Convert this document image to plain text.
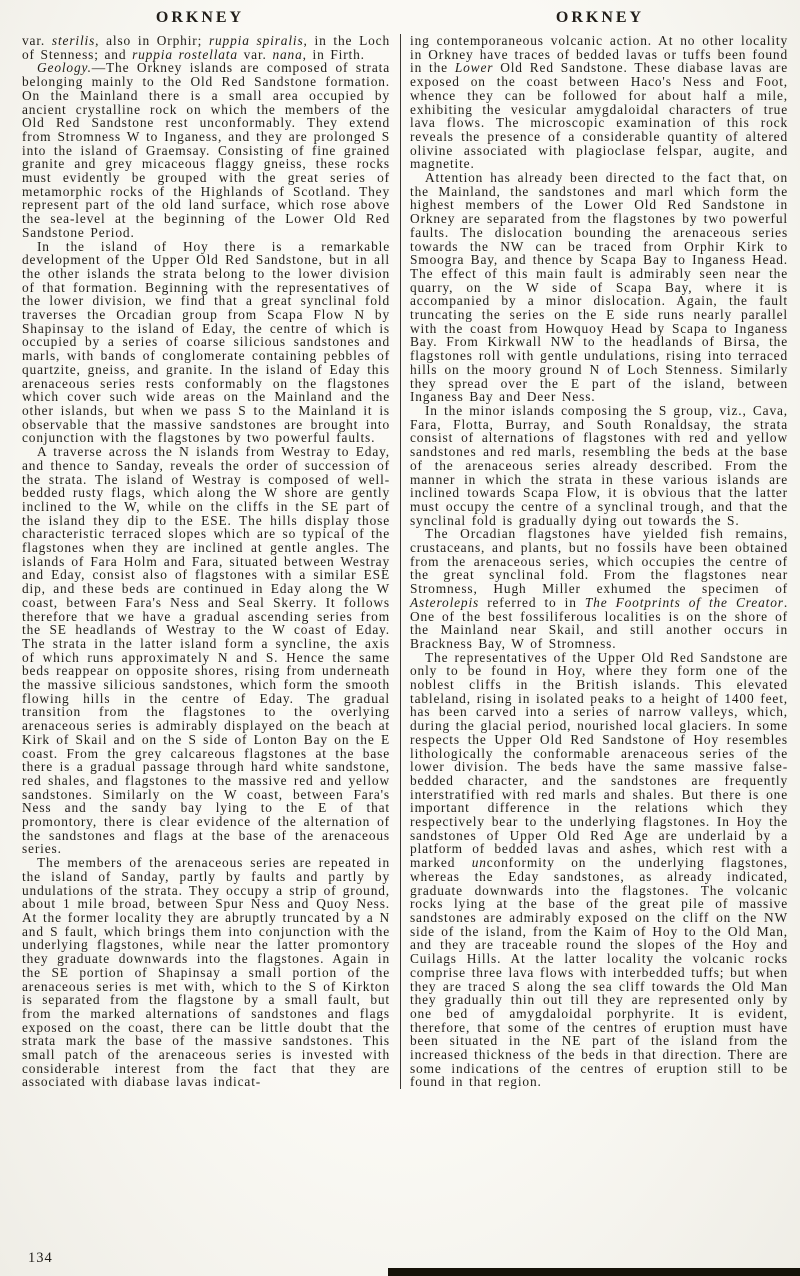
ORKNEY	ORKNEY

var. sterilis, also in Orphir; ruppia spiralis, in the Loch of Stenness; and ruppia rostellata var. nana, in Firth.

Geology.—The Orkney islands are composed of strata belonging mainly to the Old Red Sandstone formation. On the Mainland there is a small area occupied by ancient crystalline rock on which the members of the Old Red Sandstone rest unconformably. They extend from Stromness W to Inganess, and they are prolonged S into the island of Graemsay. Consisting of fine grained granite and grey micaceous flaggy gneiss, these rocks must evidently be grouped with the great series of metamorphic rocks of the Highlands of Scotland. They represent part of the old land surface, which rose above the sea-level at the beginning of the Lower Old Red Sandstone Period.

In the island of Hoy there is a remarkable development of the Upper Old Red Sandstone, but in all the other islands the strata belong to the lower division of that formation. Beginning with the representatives of the lower division, we find that a great synclinal fold traverses the Orcadian group from Scapa Flow N by Shapinsay to the island of Eday, the centre of which is occupied by a series of coarse silicious sandstones and marls, with bands of conglomerate containing pebbles of quartzite, gneiss, and granite. In the island of Eday this arenaceous series rests conformably on the flagstones which cover such wide areas on the Mainland and the other islands, but when we pass S to the Mainland it is observable that the massive sandstones are brought into conjunction with the flagstones by two powerful faults.

A traverse across the N islands from Westray to Eday, and thence to Sanday, reveals the order of succession of the strata. The island of Westray is composed of well-bedded rusty flags, which along the W shore are gently inclined to the W, while on the cliffs in the SE part of the island they dip to the ESE. The hills display those characteristic terraced slopes which are so typical of the flagstones when they are inclined at gentle angles. The islands of Fara Holm and Fara, situated between Westray and Eday, consist also of flagstones with a similar ESE dip, and these beds are continued in Eday along the W coast, between Fara's Ness and Seal Skerry. It follows therefore that we have a gradual ascending series from the SE headlands of Westray to the W coast of Eday. The strata in the latter island form a syncline, the axis of which runs approximately N and S. Hence the same beds reappear on opposite shores, rising from underneath the massive silicious sandstones, which form the smooth flowing hills in the centre of Eday. The gradual transition from the flagstones to the overlying arenaceous series is admirably displayed on the beach at Kirk of Skail and on the S side of Lonton Bay on the E coast. From the grey calcareous flagstones at the base there is a gradual passage through hard white sandstone, red shales, and flagstones to the massive red and yellow sandstones. Similarly on the W coast, between Fara's Ness and the sandy bay lying to the E of that promontory, there is clear evidence of the alternation of the sandstones and flags at the base of the arenaceous series.

The members of the arenaceous series are repeated in the island of Sanday, partly by faults and partly by undulations of the strata. They occupy a strip of ground, about 1 mile broad, between Spur Ness and Quoy Ness. At the former locality they are abruptly truncated by a N and S fault, which brings them into conjunction with the underlying flagstones, while near the latter promontory they graduate downwards into the flagstones. Again in the SE portion of Shapinsay a small portion of the arenaceous series is met with, which to the S of Kirkton is separated from the flagstone by a small fault, but from the marked alternations of sandstones and flags exposed on the coast, there can be little doubt that the strata mark the base of the massive sandstones. This small patch of the arenaceous series is invested with considerable interest from the fact that they are associated with diabase lavas indicat-

ing contemporaneous volcanic action. At no other locality in Orkney have traces of bedded lavas or tuffs been found in the Lower Old Red Sandstone. These diabase lavas are exposed on the coast between Haco's Ness and Foot, whence they can be followed for about half a mile, exhibiting the vesicular amygdaloidal characters of true lava flows. The microscopic examination of this rock reveals the presence of a considerable quantity of altered olivine associated with plagioclase felspar, augite, and magnetite.

Attention has already been directed to the fact that, on the Mainland, the sandstones and marl which form the highest members of the Lower Old Red Sandstone in Orkney are separated from the flagstones by two powerful faults. The dislocation bounding the arenaceous series towards the NW can be traced from Orphir Kirk to Smoogra Bay, and thence by Scapa Bay to Inganess Head. The effect of this main fault is admirably seen near the quarry, on the W side of Scapa Bay, where it is accompanied by a minor dislocation. Again, the fault truncating the series on the E side runs nearly parallel with the coast from Howquoy Head by Scapa to Inganess Bay. From Kirkwall NW to the headlands of Birsa, the flagstones roll with gentle undulations, rising into terraced hills on the moory ground N of Loch Stenness. Similarly they spread over the E part of the island, between Inganess Bay and Deer Ness.

In the minor islands composing the S group, viz., Cava, Fara, Flotta, Burray, and South Ronaldsay, the strata consist of alternations of flagstones with red and yellow sandstones and red marls, resembling the beds at the base of the arenaceous series already described. From the manner in which the strata in these various islands are inclined towards Scapa Flow, it is obvious that the latter must occupy the centre of a synclinal trough, and that the synclinal fold is gradually dying out towards the S.

The Orcadian flagstones have yielded fish remains, crustaceans, and plants, but no fossils have been obtained from the arenaceous series, which occupies the centre of the great synclinal fold. From the flagstones near Stromness, Hugh Miller exhumed the specimen of Asterolepis referred to in The Footprints of the Creator. One of the best fossiliferous localities is on the shore of the Mainland near Skail, and still another occurs in Brackness Bay, W of Stromness.

The representatives of the Upper Old Red Sandstone are only to be found in Hoy, where they form one of the noblest cliffs in the British islands. This elevated tableland, rising in isolated peaks to a height of 1400 feet, has been carved into a series of narrow valleys, which, during the glacial period, nourished local glaciers. In some respects the Upper Old Red Sandstone of Hoy resembles lithologically the conformable arenaceous series of the lower division. The beds have the same massive false-bedded character, and the sandstones are frequently interstratified with red marls and shales. But there is one important difference in the relations which they respectively bear to the underlying flagstones. In Hoy the sandstones of Upper Old Red Age are underlaid by a platform of bedded lavas and ashes, which rest with a marked unconformity on the underlying flagstones, whereas the Eday sandstones, as already indicated, graduate downwards into the flagstones. The volcanic rocks lying at the base of the great pile of massive sandstones are admirably exposed on the cliff on the NW side of the island, from the Kaim of Hoy to the Old Man, and they are traceable round the slopes of the Hoy and Cuilags Hills. At the latter locality the volcanic rocks comprise three lava flows with interbedded tuffs; but when they are traced S along the sea cliff towards the Old Man they gradually thin out till they are represented only by one bed of amygdaloidal porphyrite. It is evident, therefore, that some of the centres of eruption must have been situated in the NE part of the island from the increased thickness of the beds in that direction. There are some indications of the centres of eruption still to be found in that region.

134
